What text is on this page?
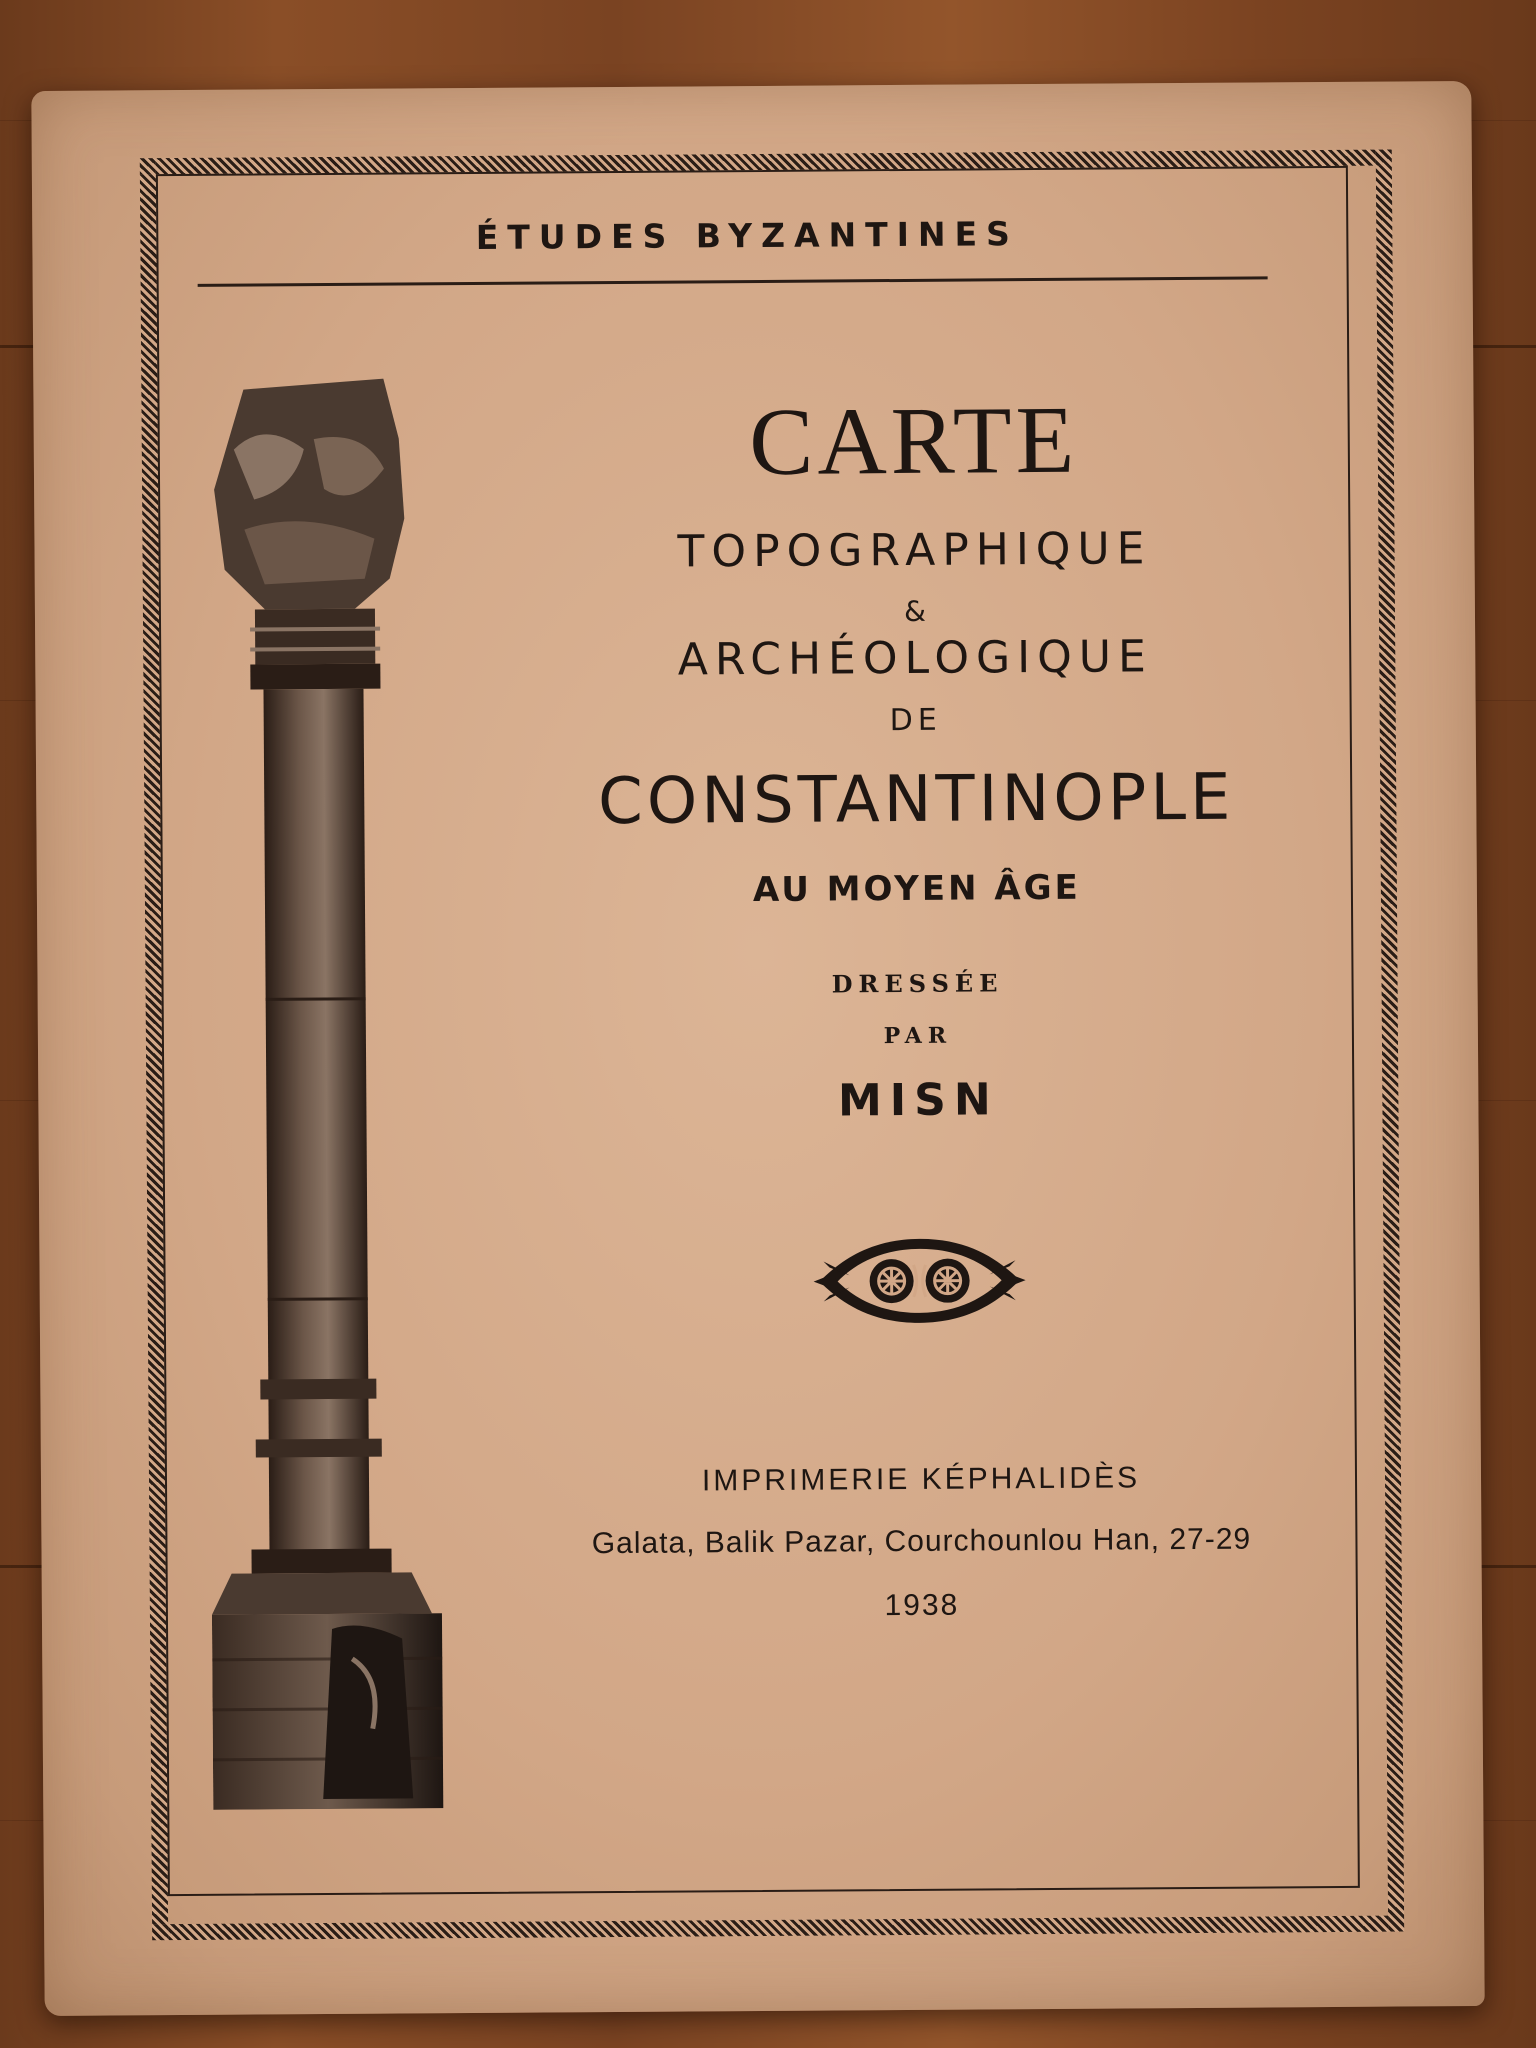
ÉTUDES BYZANTINES
CARTE
TOPOGRAPHIQUE
&
ARCHÉOLOGIQUE
DE
CONSTANTINOPLE
AU MOYEN ÂGE
DRESSÉE
PAR
MISN
IMPRIMERIE KÉPHALIDÈS
Galata, Balik Pazar, Courchounlou Han, 27-29
1938
